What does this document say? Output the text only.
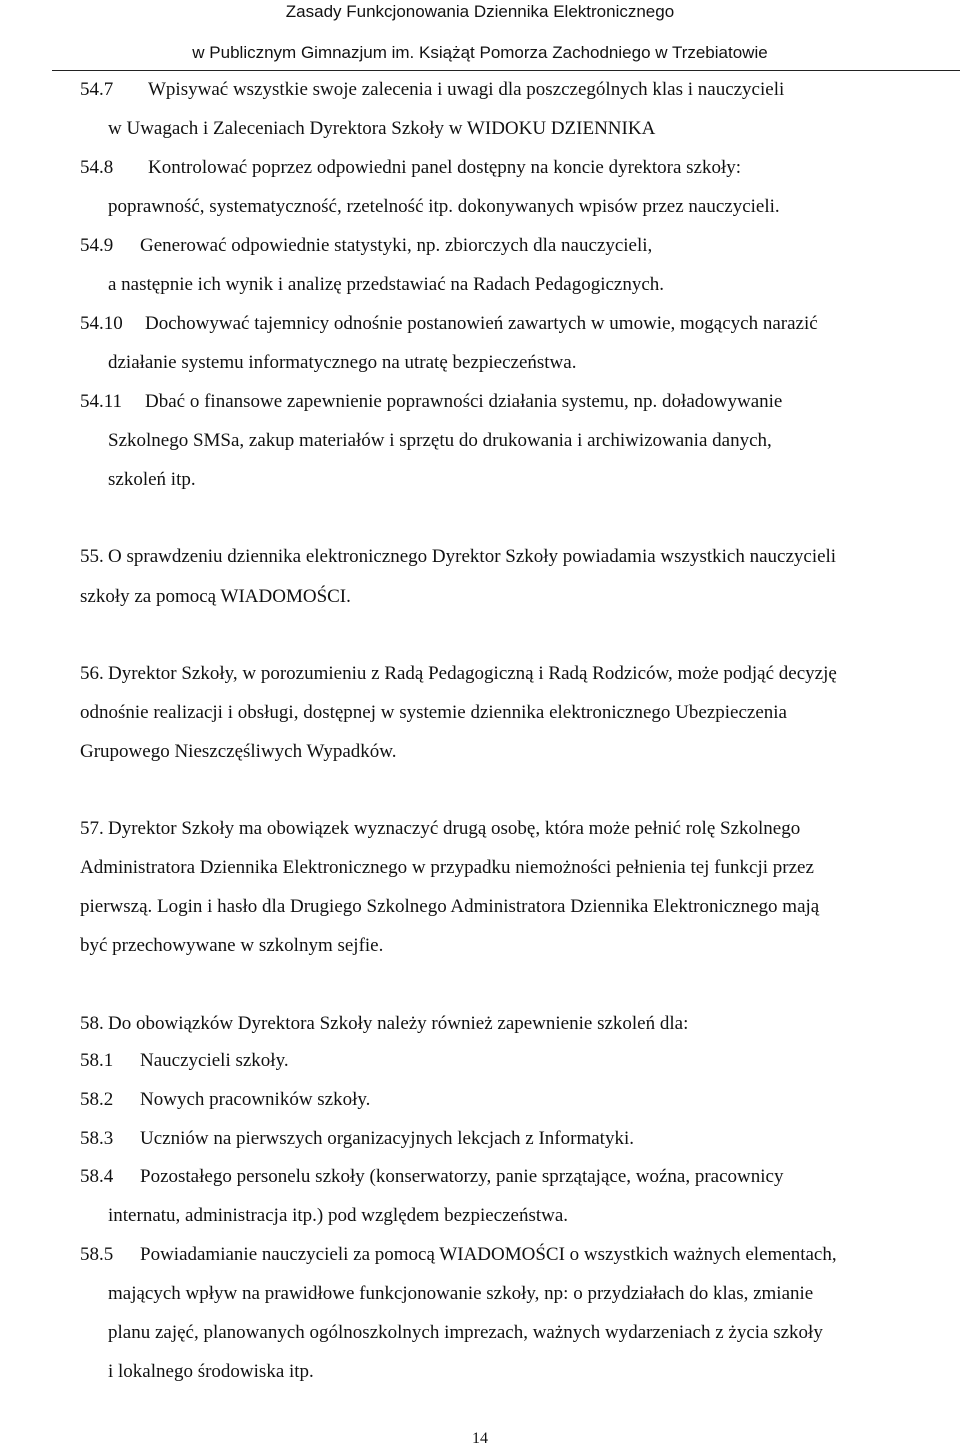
Zasady Funkcjonowania Dziennika Elektronicznego
w Publicznym Gimnazjum im. Książąt Pomorza Zachodniego w Trzebiatowie
54.7 Wpisywać wszystkie swoje zalecenia i uwagi dla poszczególnych klas i nauczycieli
w Uwagach i Zaleceniach Dyrektora Szkoły w WIDOKU DZIENNIKA
54.8 Kontrolować poprzez odpowiedni panel dostępny na koncie dyrektora szkoły:
poprawność, systematyczność, rzetelność itp. dokonywanych wpisów przez nauczycieli.
54.9 Generować odpowiednie statystyki, np. zbiorczych dla nauczycieli,
a następnie ich wynik i analizę przedstawiać na Radach Pedagogicznych.
54.10 Dochowywać tajemnicy odnośnie postanowień zawartych w umowie, mogących narazić
działanie systemu informatycznego na utratę bezpieczeństwa.
54.11 Dbać o finansowe zapewnienie poprawności działania systemu, np. doładowywanie
Szkolnego SMSa, zakup materiałów i sprzętu do drukowania i archiwizowania danych,
szkoleń itp.
55. O sprawdzeniu dziennika elektronicznego Dyrektor Szkoły powiadamia wszystkich nauczycieli
szkoły za pomocą WIADOMOŚCI.
56. Dyrektor Szkoły, w porozumieniu z Radą Pedagogiczną i Radą Rodziców, może podjąć decyzję
odnośnie realizacji i obsługi, dostępnej w systemie dziennika elektronicznego Ubezpieczenia
Grupowego Nieszczęśliwych Wypadków.
57. Dyrektor Szkoły ma obowiązek wyznaczyć drugą osobę, która może pełnić rolę Szkolnego
Administratora Dziennika Elektronicznego w przypadku niemożności pełnienia tej funkcji przez
pierwszą. Login i hasło dla Drugiego Szkolnego Administratora Dziennika Elektronicznego mają
być przechowywane w szkolnym sejfie.
58. Do obowiązków Dyrektora Szkoły należy również zapewnienie szkoleń dla:
58.1 Nauczycieli szkoły.
58.2 Nowych pracowników szkoły.
58.3 Uczniów na pierwszych organizacyjnych lekcjach z Informatyki.
58.4 Pozostałego personelu szkoły (konserwatorzy, panie sprzątające, woźna, pracownicy
internatu, administracja itp.) pod względem bezpieczeństwa.
58.5 Powiadamianie nauczycieli za pomocą WIADOMOŚCI o wszystkich ważnych elementach,
mających wpływ na prawidłowe funkcjonowanie szkoły, np: o przydziałach do klas, zmianie
planu zajęć, planowanych ogólnoszkolnych imprezach, ważnych wydarzeniach z życia szkoły
i lokalnego środowiska itp.
14
